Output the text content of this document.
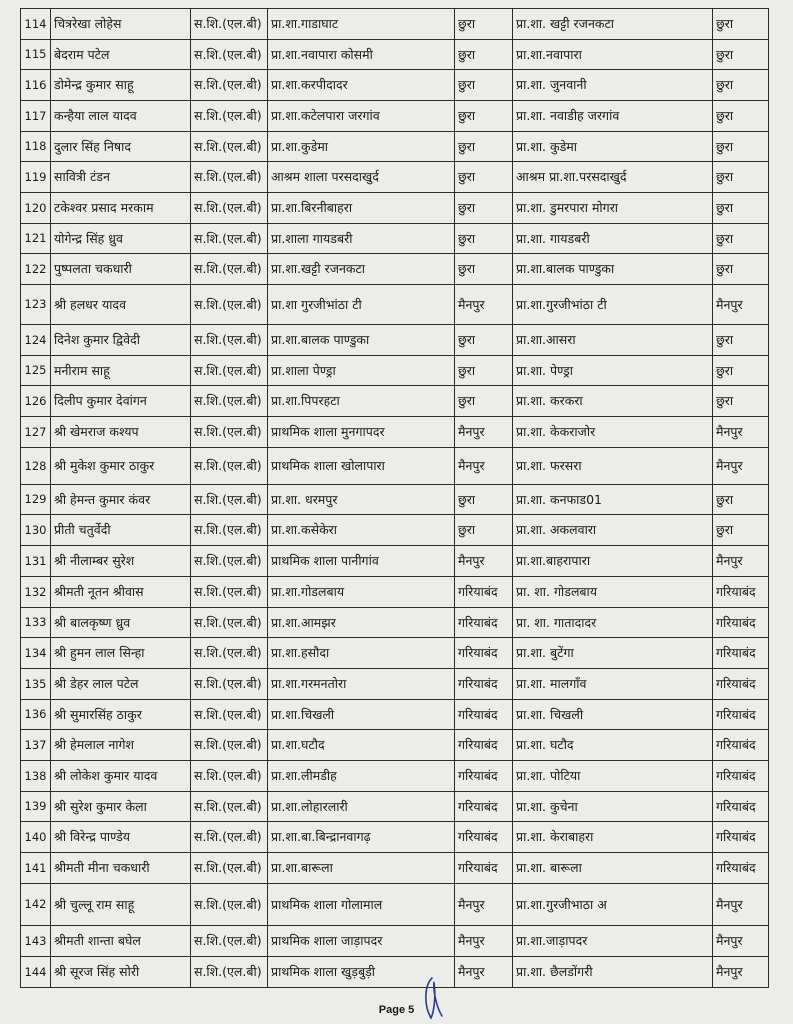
114	चित्ररेखा लोहेस	स.शि.(एल.बी)	प्रा.शा.गाडाघाट	छुरा	प्रा.शा. खट्टी रजनकटा	छुरा
115	बेदराम पटेल	स.शि.(एल.बी)	प्रा.शा.नवापारा कोसमी	छुरा	प्रा.शा.नवापारा	छुरा
116	डोमेन्द्र कुमार साहू	स.शि.(एल.बी)	प्रा.शा.करपीदादर	छुरा	प्रा.शा. जुनवानी	छुरा
117	कन्हैया लाल यादव	स.शि.(एल.बी)	प्रा.शा.कटेलपारा जरगांव	छुरा	प्रा.शा. नवाडीह जरगांव	छुरा
118	दुलार सिंह निषाद	स.शि.(एल.बी)	प्रा.शा.कुडेमा	छुरा	प्रा.शा. कुडेमा	छुरा
119	सावित्री टंडन	स.शि.(एल.बी)	आश्रम शाला परसदाखुर्द	छुरा	आश्रम प्रा.शा.परसदाखुर्द	छुरा
120	टकेश्वर प्रसाद मरकाम	स.शि.(एल.बी)	प्रा.शा.बिरनीबाहरा	छुरा	प्रा.शा. डुमरपारा मोगरा	छुरा
121	योगेन्द्र सिंह ध्रुव	स.शि.(एल.बी)	प्रा.शाला गायडबरी	छुरा	प्रा.शा. गायडबरी	छुरा
122	पुष्पलता चकधारी	स.शि.(एल.बी)	प्रा.शा.खट्टी रजनकटा	छुरा	प्रा.शा.बालक पाण्डुका	छुरा
123	श्री हलधर यादव	स.शि.(एल.बी)	प्रा.शा गुरजीभांठा टी	मैनपुर	प्रा.शा.गुरजीभांठा टी	मैनपुर
124	दिनेश कुमार द्विवेदी	स.शि.(एल.बी)	प्रा.शा.बालक पाण्डुका	छुरा	प्रा.शा.आसरा	छुरा
125	मनीराम साहू	स.शि.(एल.बी)	प्रा.शाला पेण्ड्रा	छुरा	प्रा.शा. पेण्ड्रा	छुरा
126	दिलीप कुमार देवांगन	स.शि.(एल.बी)	प्रा.शा.पिपरहटा	छुरा	प्रा.शा. करकरा	छुरा
127	श्री खेमराज कश्यप	स.शि.(एल.बी)	प्राथमिक शाला मुनगापदर	मैनपुर	प्रा.शा. केकराजोर	मैनपुर
128	श्री मुकेश कुमार ठाकुर	स.शि.(एल.बी)	प्राथमिक शाला खोलापारा	मैनपुर	प्रा.शा. फरसरा	मैनपुर
129	श्री हेमन्त कुमार कंवर	स.शि.(एल.बी)	प्रा.शा. धरमपुर	छुरा	प्रा.शा. कनफाड01	छुरा
130	प्रीती चतुर्वेदी	स.शि.(एल.बी)	प्रा.शा.कसेकेरा	छुरा	प्रा.शा. अकलवारा	छुरा
131	श्री नीलाम्बर सुरेश	स.शि.(एल.बी)	प्राथमिक शाला पानीगांव	मैनपुर	प्रा.शा.बाहरापारा	मैनपुर
132	श्रीमती नूतन श्रीवास	स.शि.(एल.बी)	प्रा.शा.गोडलबाय	गरियाबंद	प्रा. शा. गोडलबाय	गरियाबंद
133	श्री बालकृष्ण ध्रुव	स.शि.(एल.बी)	प्रा.शा.आमझर	गरियाबंद	प्रा. शा. गातादादर	गरियाबंद
134	श्री हुमन लाल सिन्हा	स.शि.(एल.बी)	प्रा.शा.हसौदा	गरियाबंद	प्रा.शा. बुटेंगा	गरियाबंद
135	श्री डेहर लाल पटेल	स.शि.(एल.बी)	प्रा.शा.गरमनतोरा	गरियाबंद	प्रा.शा. मालगाँव	गरियाबंद
136	श्री सुमारसिंह ठाकुर	स.शि.(एल.बी)	प्रा.शा.चिखली	गरियाबंद	प्रा.शा. चिखली	गरियाबंद
137	श्री हेमलाल नागेश	स.शि.(एल.बी)	प्रा.शा.घटौद	गरियाबंद	प्रा.शा. घटौद	गरियाबंद
138	श्री लोकेश कुमार यादव	स.शि.(एल.बी)	प्रा.शा.लीमडीह	गरियाबंद	प्रा.शा. पोटिया	गरियाबंद
139	श्री सुरेश कुमार केला	स.शि.(एल.बी)	प्रा.शा.लोहारलारी	गरियाबंद	प्रा.शा. कुचेना	गरियाबंद
140	श्री विरेन्द्र पाण्डेय	स.शि.(एल.बी)	प्रा.शा.बा.बिन्द्रानवागढ़	गरियाबंद	प्रा.शा. केराबाहरा	गरियाबंद
141	श्रीमती मीना चकधारी	स.शि.(एल.बी)	प्रा.शा.बारूला	गरियाबंद	प्रा.शा. बारूला	गरियाबंद
142	श्री चुल्लू राम साहू	स.शि.(एल.बी)	प्राथमिक शाला गोलामाल	मैनपुर	प्रा.शा.गुरजीभाठा अ	मैनपुर
143	श्रीमती शान्ता बघेल	स.शि.(एल.बी)	प्राथमिक शाला जाड़ापदर	मैनपुर	प्रा.शा.जाड़ापदर	मैनपुर
144	श्री सूरज सिंह सोरी	स.शि.(एल.बी)	प्राथमिक शाला खुड़बुड़ी	मैनपुर	प्रा.शा. छैलडोंगरी	मैनपुर
Page 5
